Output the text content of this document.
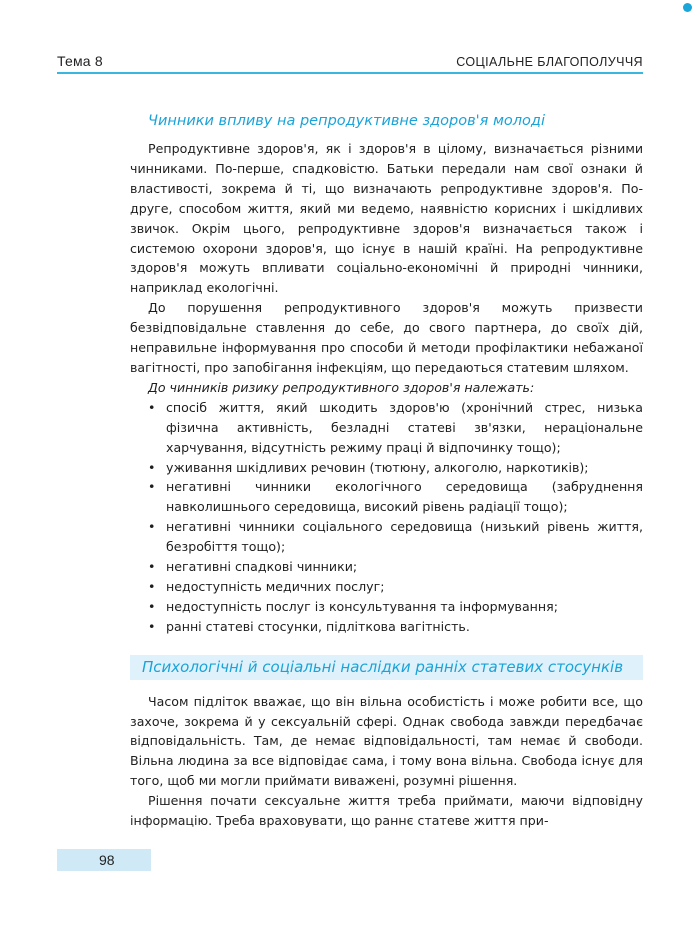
Тема 8	СОЦІАЛЬНЕ БЛАГОПОЛУЧЧЯ
Чинники впливу на репродуктивне здоров'я молоді

Репродуктивне здоров'я, як і здоров'я в цілому, визначається різними чинниками. По-перше, спадковістю. Батьки передали нам свої ознаки й властивості, зокрема й ті, що визначають репродуктивне здоров'я. По-друге, способом життя, який ми ведемо, наявністю корисних і шкідливих звичок. Окрім цього, репродуктивне здоров'я визначається також і системою охорони здоров'я, що існує в нашій країні. На репродуктивне здоров'я можуть впливати соціально-економічні й природні чинники, наприклад екологічні.

До порушення репродуктивного здоров'я можуть призвести безвідповідальне ставлення до себе, до свого партнера, до своїх дій, неправильне інформування про способи й методи профілактики небажаної вагітності, про запобігання інфекціям, що передаються статевим шляхом.

До чинників ризику репродуктивного здоров'я належать:

• спосіб життя, який шкодить здоров'ю (хронічний стрес, низька фізична активність, безладні статеві зв'язки, нераціональне харчування, відсутність режиму праці й відпочинку тощо);
• уживання шкідливих речовин (тютюну, алкоголю, наркотиків);
• негативні чинники екологічного середовища (забруднення навколишнього середовища, високий рівень радіації тощо);
• негативні чинники соціального середовища (низький рівень життя, безробіття тощо);
• негативні спадкові чинники;
• недоступність медичних послуг;
• недоступність послуг із консультування та інформування;
• ранні статеві стосунки, підліткова вагітність.
Психологічні й соціальні наслідки ранніх статевих стосунків

Часом підліток вважає, що він вільна особистість і може робити все, що захоче, зокрема й у сексуальній сфері. Однак свобода завжди передбачає відповідальність. Там, де немає відповідальності, там немає й свободи. Вільна людина за все відповідає сама, і тому вона вільна. Свобода існує для того, щоб ми могли приймати виважені, розумні рішення.

Рішення почати сексуальне життя треба приймати, маючи відповідну інформацію. Треба враховувати, що раннє статеве життя при-

98
